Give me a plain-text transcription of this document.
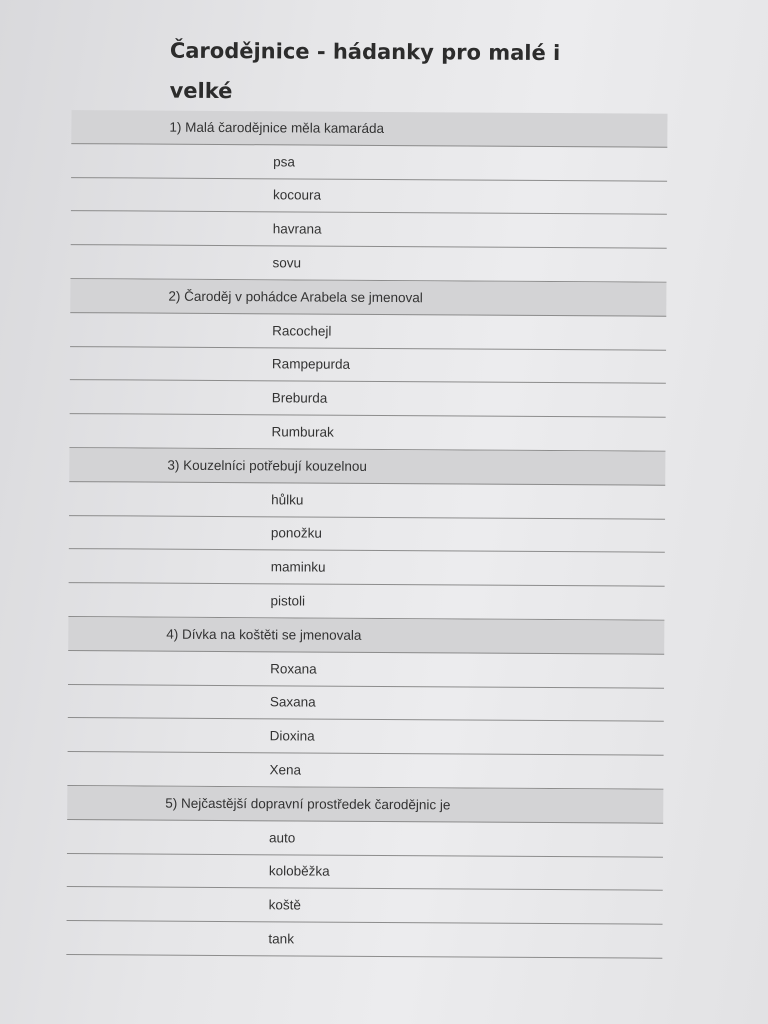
Čarodějnice - hádanky pro malé i velké
1) Malá čarodějnice měla kamaráda
psa
kocoura
havrana
sovu
2) Čaroděj v pohádce Arabela se jmenoval
Racochejl
Rampepurda
Breburda
Rumburak
3) Kouzelníci potřebují kouzelnou
hůlku
ponožku
maminku
pistoli
4) Dívka na koštěti se jmenovala
Roxana
Saxana
Dioxina
Xena
5) Nejčastější dopravní prostředek čarodějnic je
auto
koloběžka
koště
tank
